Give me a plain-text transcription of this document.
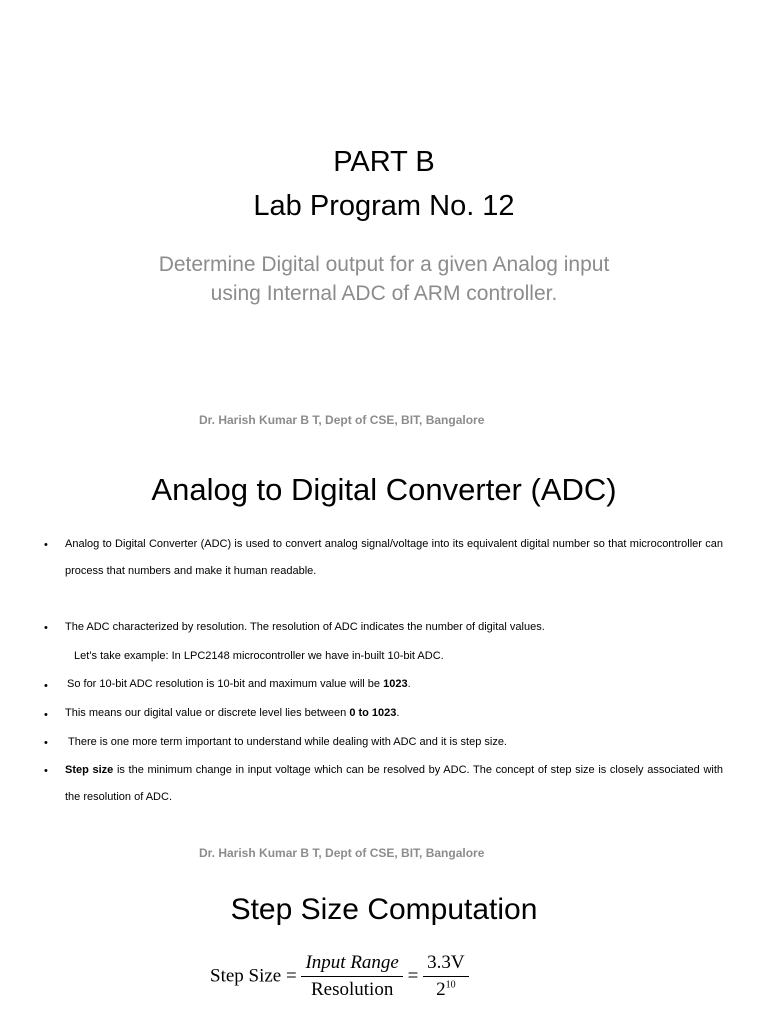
PART B
Lab Program No. 12
Determine Digital output for a given Analog input
using Internal ADC of ARM controller.
Dr. Harish Kumar B T, Dept of CSE, BIT, Bangalore
Analog to Digital Converter (ADC)
• Analog to Digital Converter (ADC) is used to convert analog signal/voltage into its equivalent digital number so that microcontroller can process that numbers and make it human readable.
• The ADC characterized by resolution. The resolution of ADC indicates the number of digital values.
Let’s take example: In LPC2148 microcontroller we have in-built 10-bit ADC.
• So for 10-bit ADC resolution is 10-bit and maximum value will be 1023.
• This means our digital value or discrete level lies between 0 to 1023.
• There is one more term important to understand while dealing with ADC and it is step size.
• Step size is the minimum change in input voltage which can be resolved by ADC. The concept of step size is closely associated with the resolution of ADC.
Dr. Harish Kumar B T, Dept of CSE, BIT, Bangalore
Step Size Computation
Step Size = $\frac{\text{Input Range}}{\text{Resolution}} = \frac{3.3V}{2^{10}}$
